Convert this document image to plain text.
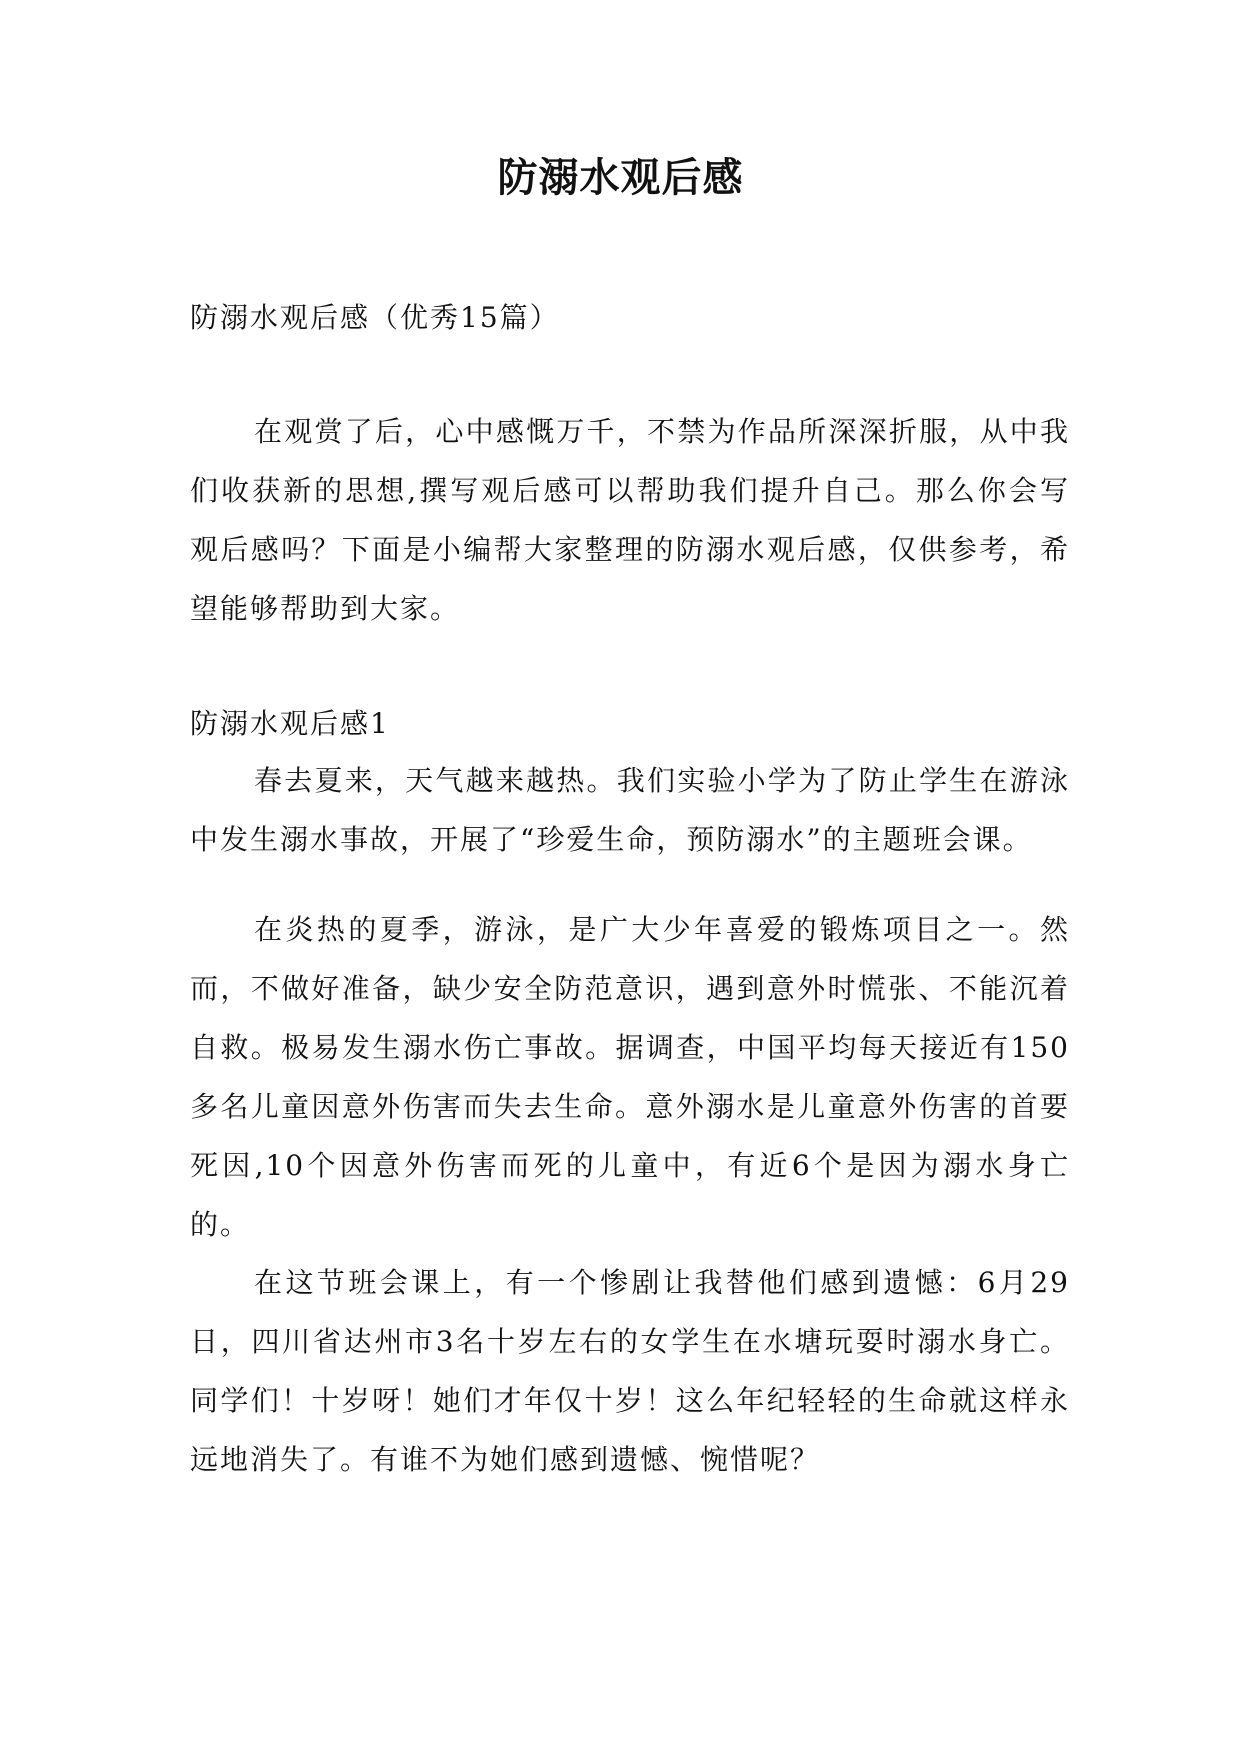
防溺水观后感
防溺水观后感（优秀15篇）
在观赏了后，心中感慨万千，不禁为作品所深深折服，从中我们收获新的思想,撰写观后感可以帮助我们提升自己。那么你会写观后感吗？下面是小编帮大家整理的防溺水观后感，仅供参考，希望能够帮助到大家。
防溺水观后感1
春去夏来，天气越来越热。我们实验小学为了防止学生在游泳中发生溺水事故，开展了“珍爱生命，预防溺水”的主题班会课。
在炎热的夏季，游泳，是广大少年喜爱的锻炼项目之一。然而，不做好准备，缺少安全防范意识，遇到意外时慌张、不能沉着自救。极易发生溺水伤亡事故。据调查，中国平均每天接近有150多名儿童因意外伤害而失去生命。意外溺水是儿童意外伤害的首要死因,10个因意外伤害而死的儿童中，有近6个是因为溺水身亡的。
在这节班会课上，有一个惨剧让我替他们感到遗憾：6月29日，四川省达州市3名十岁左右的女学生在水塘玩耍时溺水身亡。同学们！十岁呀！她们才年仅十岁！这么年纪轻轻的生命就这样永远地消失了。有谁不为她们感到遗憾、惋惜呢？
